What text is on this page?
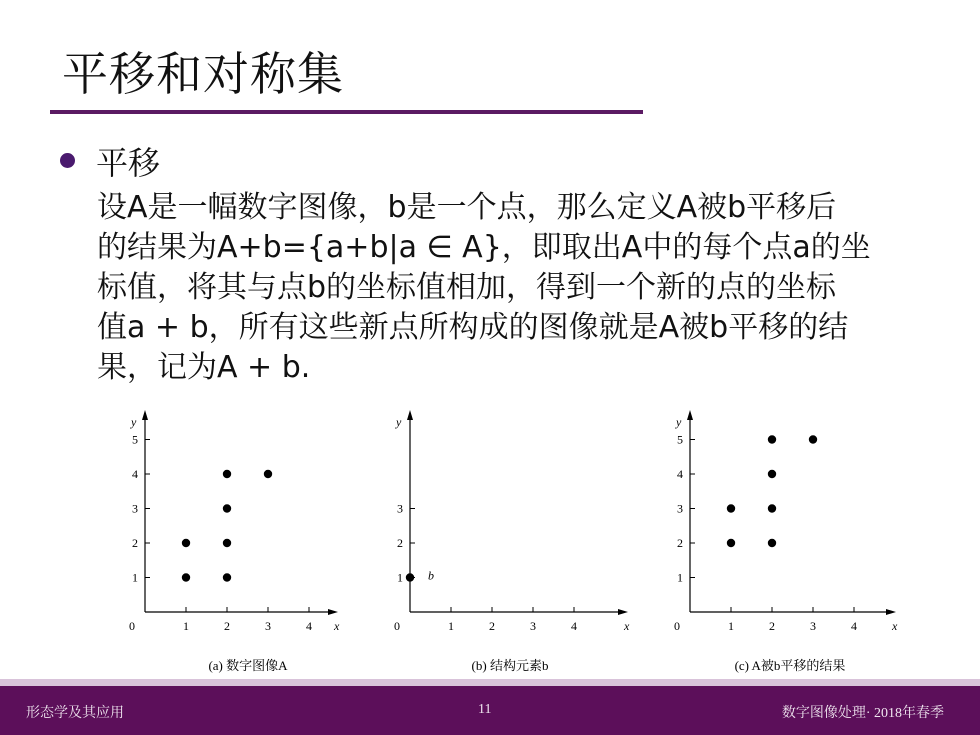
平移和对称集
平移
设A是一幅数字图像，b是一个点，那么定义A被b平移后
的结果为A+b={a+b|a ∈ A}，即取出A中的每个点a的坐
标值，将其与点b的坐标值相加，得到一个新的点的坐标
值a + b，所有这些新点所构成的图像就是A被b平移的结
果，记为A + b.
y
x
0	1	2	3	4
1
2
3
4
5
(a) 数字图像A
y
x
0	1	2	3	4
1
2
3
b
(b) 结构元素b
y
x
0	1	2	3	4
1
2
3
4
5
(c) A被b平移的结果
形态学及其应用	11	数字图像处理· 2018年春季
